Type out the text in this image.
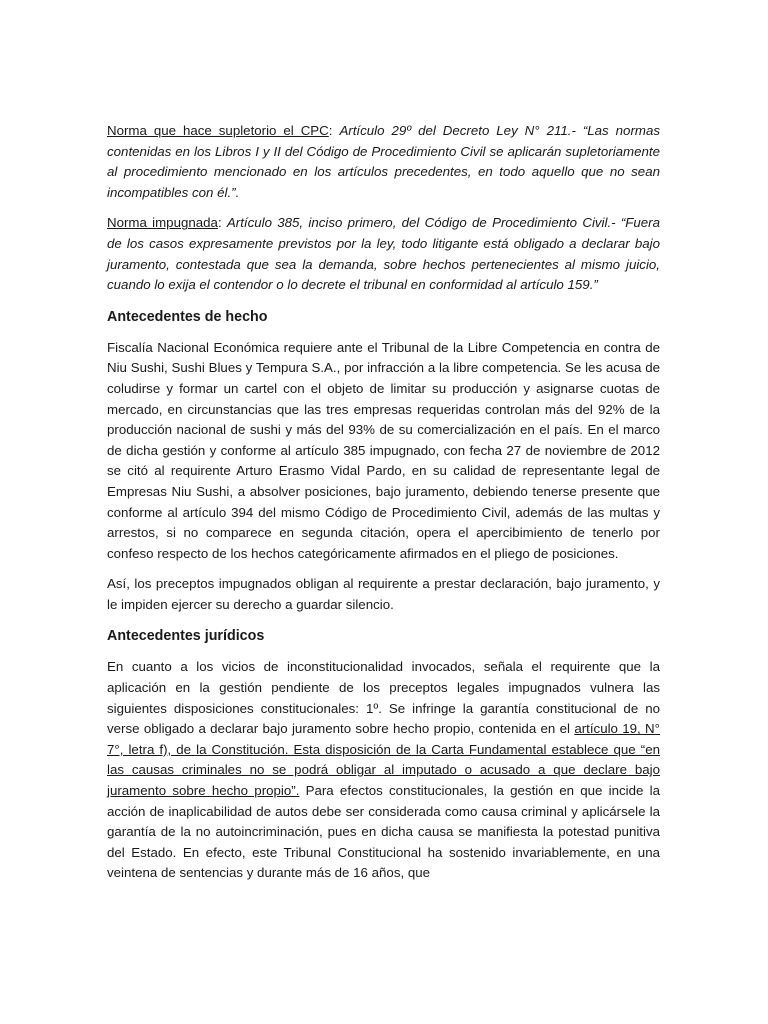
Norma que hace supletorio el CPC: Artículo 29º del Decreto Ley N° 211.- “Las normas contenidas en los Libros I y II del Código de Procedimiento Civil se aplicarán supletoriamente al procedimiento mencionado en los artículos precedentes, en todo aquello que no sean incompatibles con él.”.

Norma impugnada: Artículo 385, inciso primero, del Código de Procedimiento Civil.- “Fuera de los casos expresamente previstos por la ley, todo litigante está obligado a declarar bajo juramento, contestada que sea la demanda, sobre hechos pertenecientes al mismo juicio, cuando lo exija el contendor o lo decrete el tribunal en conformidad al artículo 159.”

Antecedentes de hecho

Fiscalía Nacional Económica requiere ante el Tribunal de la Libre Competencia en contra de Niu Sushi, Sushi Blues y Tempura S.A., por infracción a la libre competencia. Se les acusa de coludirse y formar un cartel con el objeto de limitar su producción y asignarse cuotas de mercado, en circunstancias que las tres empresas requeridas controlan más del 92% de la producción nacional de sushi y más del 93% de su comercialización en el país. En el marco de dicha gestión y conforme al artículo 385 impugnado, con fecha 27 de noviembre de 2012 se citó al requirente Arturo Erasmo Vidal Pardo, en su calidad de representante legal de Empresas Niu Sushi, a absolver posiciones, bajo juramento, debiendo tenerse presente que conforme al artículo 394 del mismo Código de Procedimiento Civil, además de las multas y arrestos, si no comparece en segunda citación, opera el apercibimiento de tenerlo por confeso respecto de los hechos categóricamente afirmados en el pliego de posiciones.

Así, los preceptos impugnados obligan al requirente a prestar declaración, bajo juramento, y le impiden ejercer su derecho a guardar silencio.

Antecedentes jurídicos

En cuanto a los vicios de inconstitucionalidad invocados, señala el requirente que la aplicación en la gestión pendiente de los preceptos legales impugnados vulnera las siguientes disposiciones constitucionales: 1º. Se infringe la garantía constitucional de no verse obligado a declarar bajo juramento sobre hecho propio, contenida en el artículo 19, N° 7°, letra f), de la Constitución. Esta disposición de la Carta Fundamental establece que “en las causas criminales no se podrá obligar al imputado o acusado a que declare bajo juramento sobre hecho propio”. Para efectos constitucionales, la gestión en que incide la acción de inaplicabilidad de autos debe ser considerada como causa criminal y aplicársele la garantía de la no autoincriminación, pues en dicha causa se manifiesta la potestad punitiva del Estado. En efecto, este Tribunal Constitucional ha sostenido invariablemente, en una veintena de sentencias y durante más de 16 años, que
